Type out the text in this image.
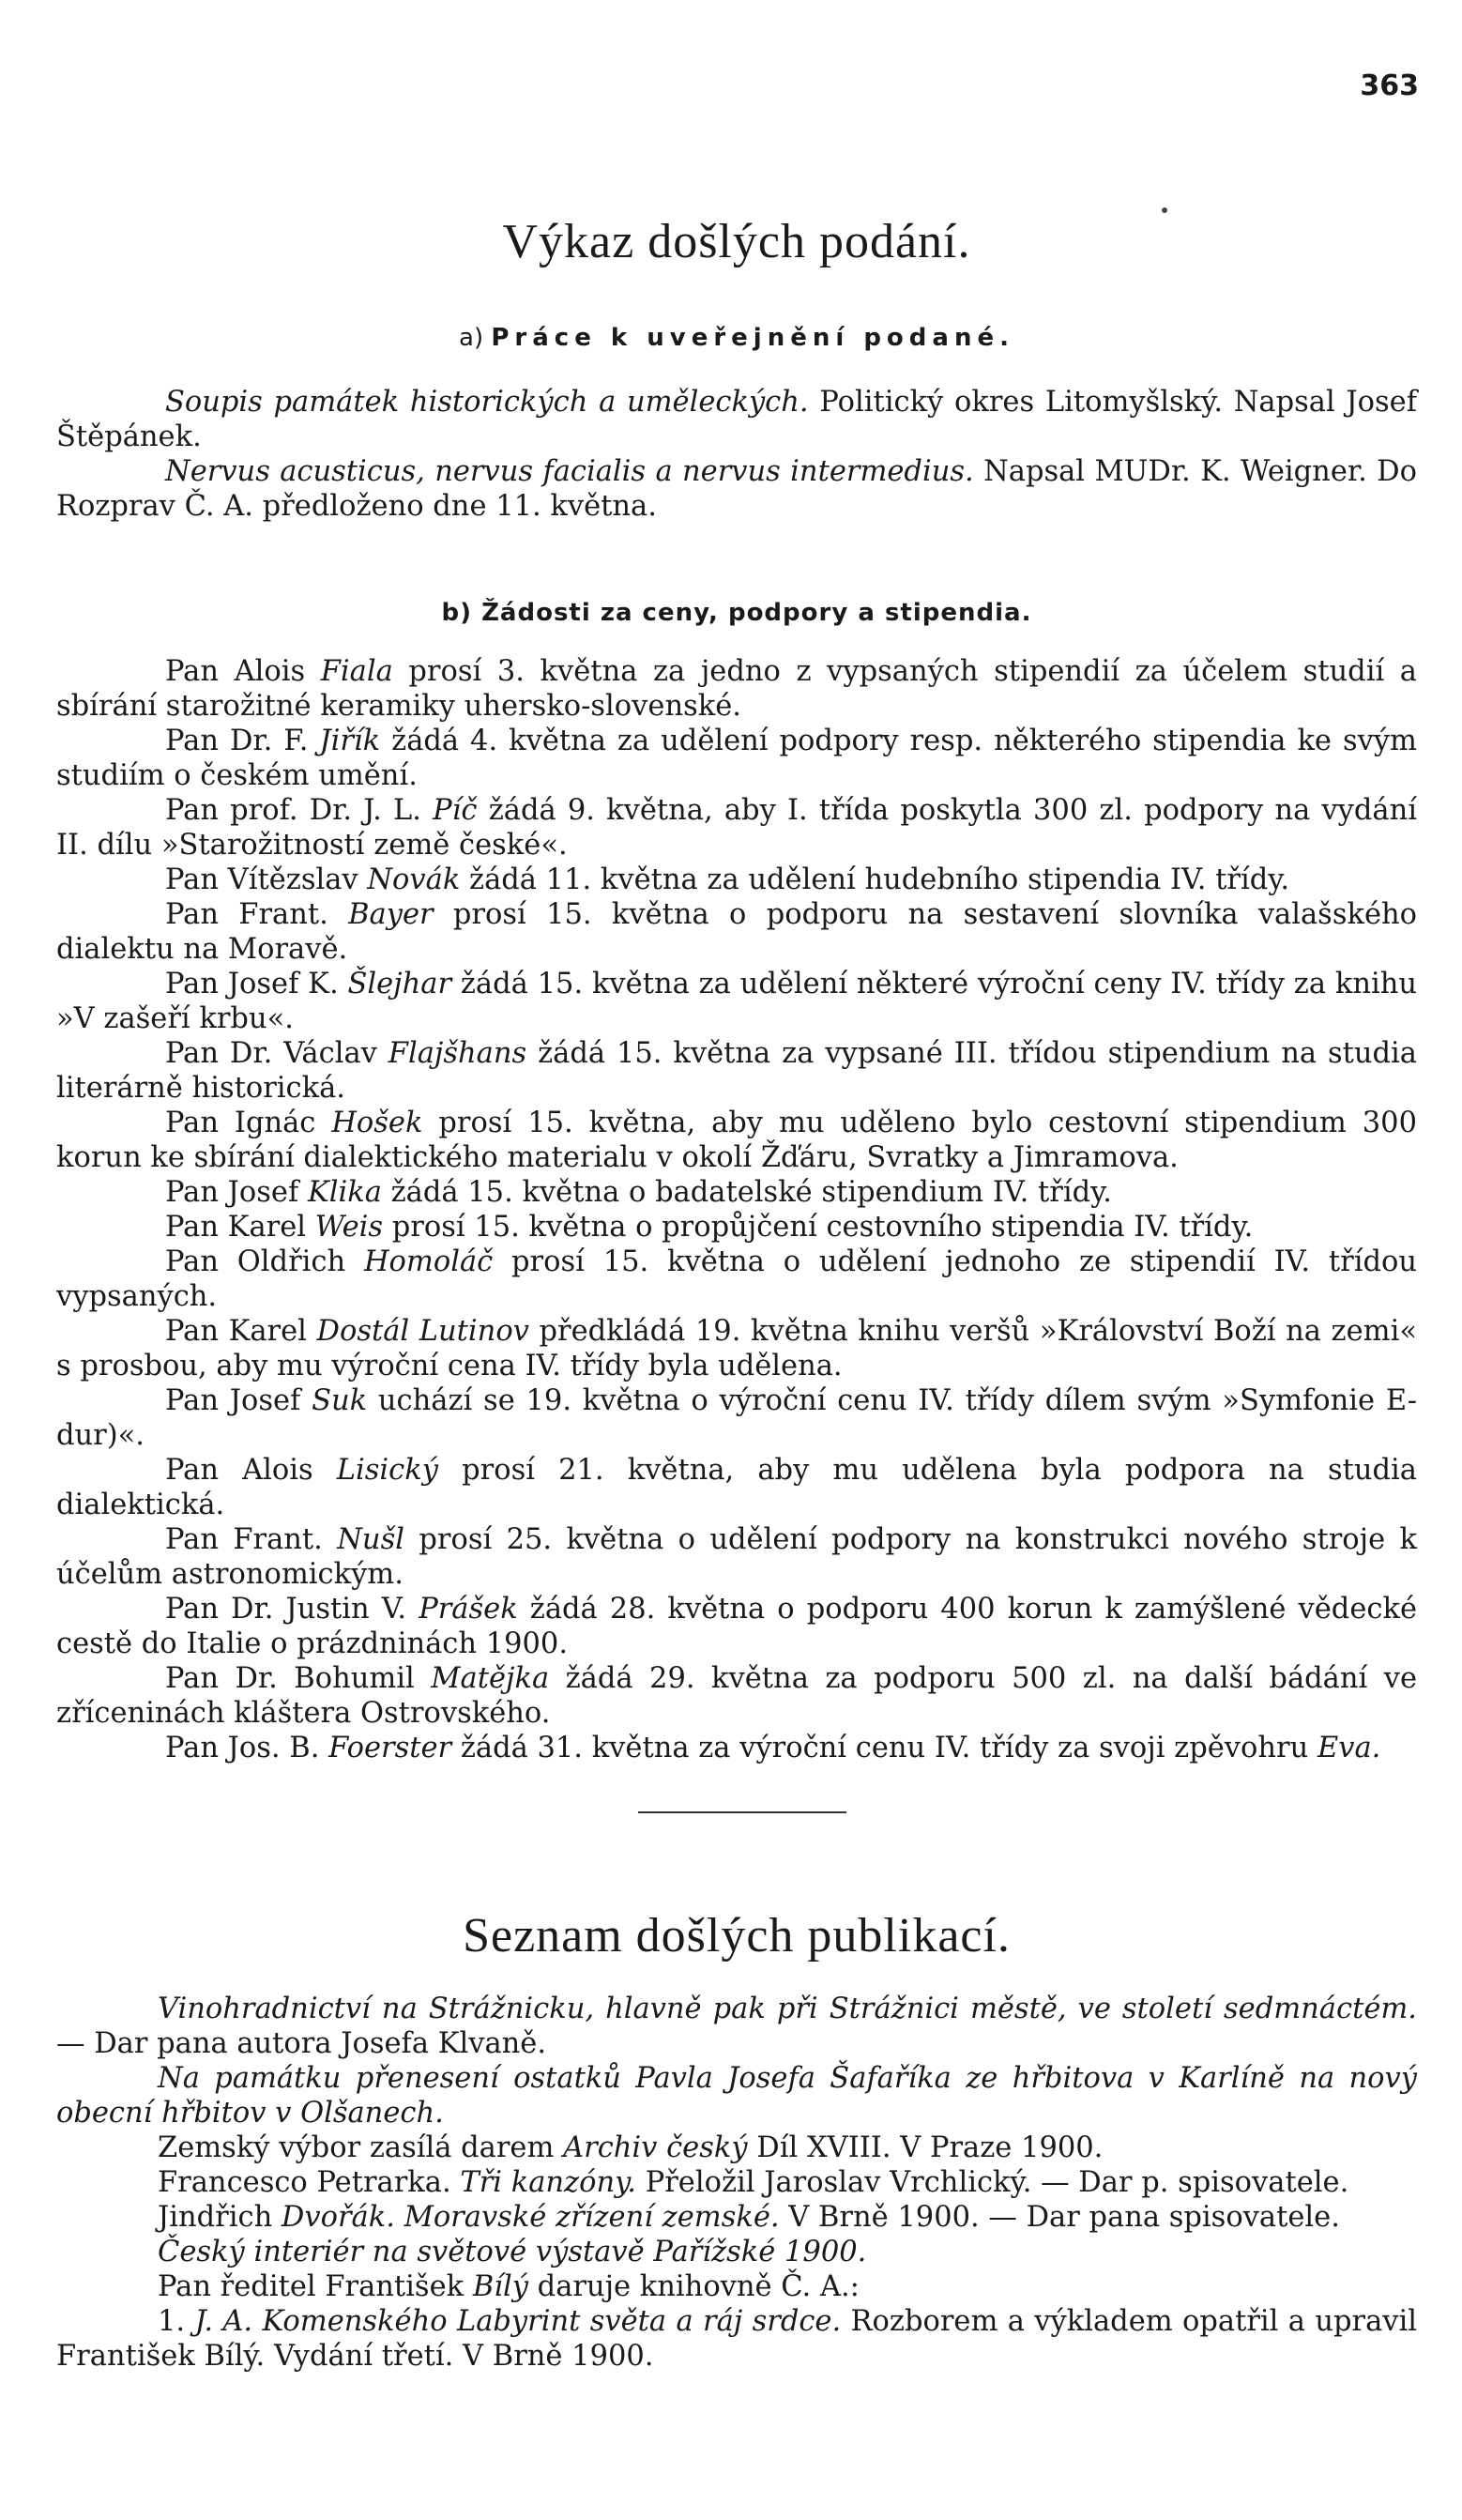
363

Výkaz došlých podání.
a) Práce k uveřejnění podané.

Soupis památek historických a uměleckých. Politický okres Litomyšlský. Napsal Josef Štěpánek.

Nervus acusticus, nervus facialis a nervus intermedius. Napsal MUDr. K. Weigner. Do Rozprav Č. A. předloženo dne 11. května.

b) Žádosti za ceny, podpory a stipendia.

Pan Alois Fiala prosí 3. května za jedno z vypsaných stipendií za účelem studií a sbírání starožitné keramiky uhersko-slovenské.

Pan Dr. F. Jiřík žádá 4. května za udělení podpory resp. některého stipendia ke svým studiím o českém umění.

Pan prof. Dr. J. L. Píč žádá 9. května, aby I. třída poskytla 300 zl. podpory na vydání II. dílu »Starožitností země české«.

Pan Vítězslav Novák žádá 11. května za udělení hudebního stipendia IV. třídy.

Pan Frant. Bayer prosí 15. května o podporu na sestavení slovníka valašského dialektu na Moravě.

Pan Josef K. Šlejhar žádá 15. května za udělení některé výroční ceny IV. třídy za knihu »V zašeří krbu«.

Pan Dr. Václav Flajšhans žádá 15. května za vypsané III. třídou stipendium na studia literárně historická.

Pan Ignác Hošek prosí 15. května, aby mu uděleno bylo cestovní stipendium 300 korun ke sbírání dialektického materialu v okolí Žďáru, Svratky a Jimramova.

Pan Josef Klika žádá 15. května o badatelské stipendium IV. třídy.

Pan Karel Weis prosí 15. května o propůjčení cestovního stipendia IV. třídy.

Pan Oldřich Homoláč prosí 15. května o udělení jednoho ze stipendií IV. třídou vypsaných.

Pan Karel Dostál Lutinov předkládá 19. května knihu veršů »Království Boží na zemi« s prosbou, aby mu výroční cena IV. třídy byla udělena.

Pan Josef Suk uchází se 19. května o výroční cenu IV. třídy dílem svým »Symfonie E-dur)«.

Pan Alois Lisický prosí 21. května, aby mu udělena byla podpora na studia dialektická.

Pan Frant. Nušl prosí 25. května o udělení podpory na konstrukci nového stroje k účelům astronomickým.

Pan Dr. Justin V. Prášek žádá 28. května o podporu 400 korun k zamýšlené vědecké cestě do Italie o prázdninách 1900.

Pan Dr. Bohumil Matějka žádá 29. května za podporu 500 zl. na další bádání ve zříceninách kláštera Ostrovského.

Pan Jos. B. Foerster žádá 31. května za výroční cenu IV. třídy za svoji zpěvohru Eva.

Seznam došlých publikací.

Vinohradnictví na Strážnicku, hlavně pak při Strážnici městě, ve století sedmnáctém. — Dar pana autora Josefa Klvaně.

Na památku přenesení ostatků Pavla Josefa Šafaříka ze hřbitova v Karlíně na nový obecní hřbitov v Olšanech.

Zemský výbor zasílá darem Archiv český Díl XVIII. V Praze 1900.

Francesco Petrarka. Tři kanzóny. Přeložil Jaroslav Vrchlický. — Dar p. spisovatele.

Jindřich Dvořák. Moravské zřízení zemské. V Brně 1900. — Dar pana spisovatele.

Český interiér na světové výstavě Pařížské 1900.

Pan ředitel František Bílý daruje knihovně Č. A.:

1. J. A. Komenského Labyrint světa a ráj srdce. Rozborem a výkladem opatřil a upravil František Bílý. Vydání třetí. V Brně 1900.
